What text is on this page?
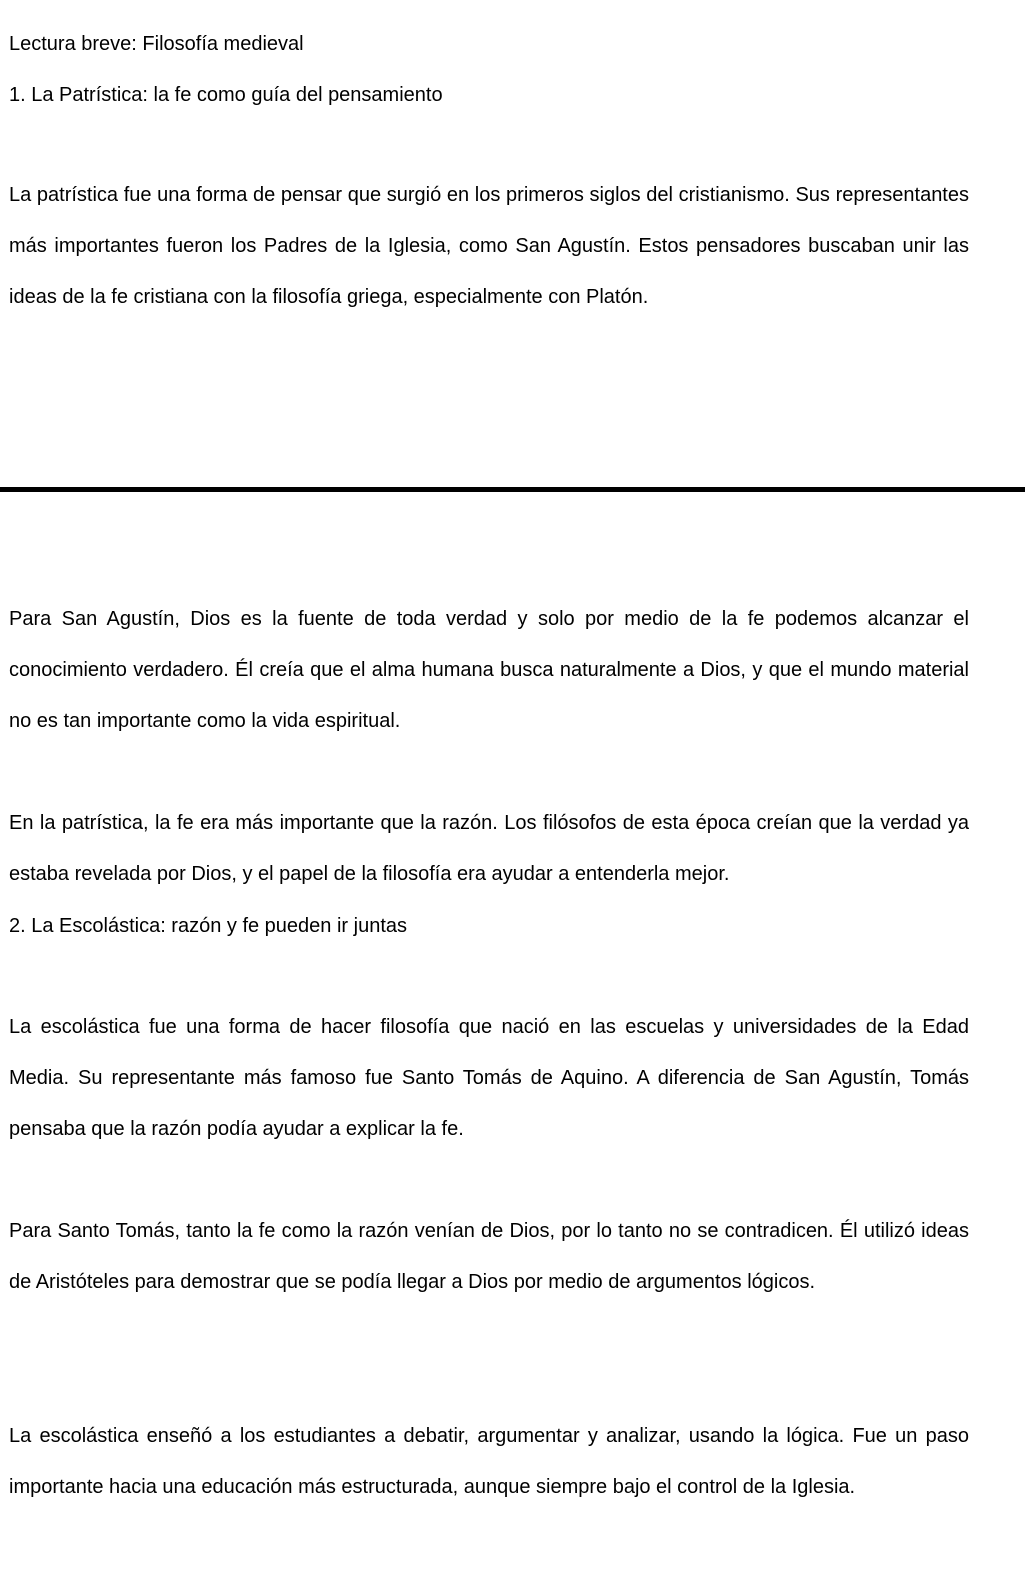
Lectura breve: Filosofía medieval
1. La Patrística: la fe como guía del pensamiento
La patrística fue una forma de pensar que surgió en los primeros siglos del cristianismo. Sus representantes más importantes fueron los Padres de la Iglesia, como San Agustín. Estos pensadores buscaban unir las ideas de la fe cristiana con la filosofía griega, especialmente con Platón.
Para San Agustín, Dios es la fuente de toda verdad y solo por medio de la fe podemos alcanzar el conocimiento verdadero. Él creía que el alma humana busca naturalmente a Dios, y que el mundo material no es tan importante como la vida espiritual.
En la patrística, la fe era más importante que la razón. Los filósofos de esta época creían que la verdad ya estaba revelada por Dios, y el papel de la filosofía era ayudar a entenderla mejor.
2. La Escolástica: razón y fe pueden ir juntas
La escolástica fue una forma de hacer filosofía que nació en las escuelas y universidades de la Edad Media. Su representante más famoso fue Santo Tomás de Aquino. A diferencia de San Agustín, Tomás pensaba que la razón podía ayudar a explicar la fe.
Para Santo Tomás, tanto la fe como la razón venían de Dios, por lo tanto no se contradicen. Él utilizó ideas de Aristóteles para demostrar que se podía llegar a Dios por medio de argumentos lógicos.
La escolástica enseñó a los estudiantes a debatir, argumentar y analizar, usando la lógica. Fue un paso importante hacia una educación más estructurada, aunque siempre bajo el control de la Iglesia.
